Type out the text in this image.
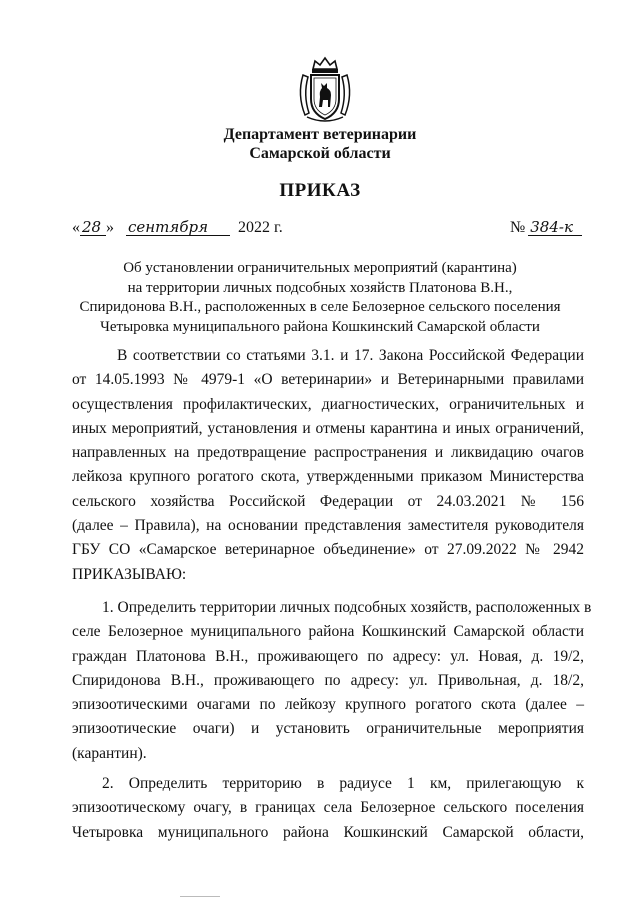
Департамент ветеринарии
Самарской области
ПРИКАЗ
« 28 » сентября 2022 г.	№ 384-к
Об установлении ограничительных мероприятий (карантина)
на территории личных подсобных хозяйств Платонова В.Н.,
Спиридонова В.Н., расположенных в селе Белозерное сельского поселения
Четыровка муниципального района Кошкинский Самарской области
В соответствии со статьями 3.1. и 17. Закона Российской Федерации
от 14.05.1993 № 4979-1 «О ветеринарии» и Ветеринарными правилами
осуществления профилактических, диагностических, ограничительных и
иных мероприятий, установления и отмены карантина и иных ограничений,
направленных на предотвращение распространения и ликвидацию очагов
лейкоза крупного рогатого скота, утвержденными приказом Министерства
сельского хозяйства Российской Федерации от 24.03.2021 № 156
(далее – Правила), на основании представления заместителя руководителя
ГБУ СО «Самарское ветеринарное объединение» от 27.09.2022 № 2942
ПРИКАЗЫВАЮ:
1. Определить территории личных подсобных хозяйств, расположенных в
селе Белозерное муниципального района Кошкинский Самарской области
граждан Платонова В.Н., проживающего по адресу: ул. Новая, д. 19/2,
Спиридонова В.Н., проживающего по адресу: ул. Привольная, д. 18/2,
эпизоотическими очагами по лейкозу крупного рогатого скота (далее –
эпизоотические очаги) и установить ограничительные мероприятия
(карантин).
2. Определить территорию в радиусе 1 км, прилегающую к
эпизоотическому очагу, в границах села Белозерное сельского поселения
Четыровка муниципального района Кошкинский Самарской области,
